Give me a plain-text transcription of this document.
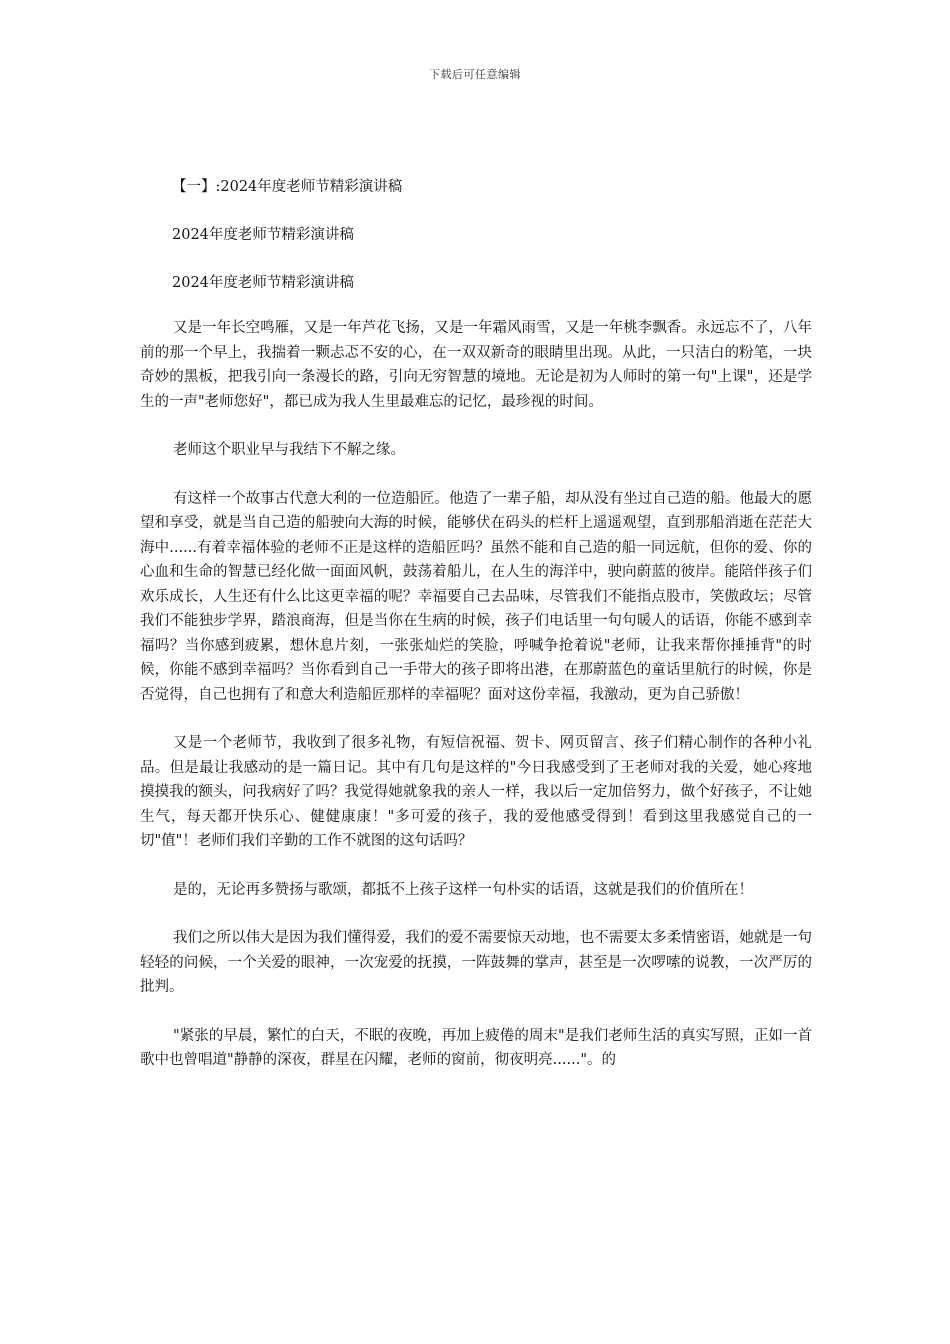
下载后可任意编辑
【一】:2024年度老师节精彩演讲稿
2024年度老师节精彩演讲稿
2024年度老师节精彩演讲稿

又是一年长空鸣雁，又是一年芦花飞扬，又是一年霜风雨雪，又是一年桃李飘香。永远忘不了，八年前的那一个早上，我揣着一颗忐忑不安的心，在一双双新奇的眼睛里出现。从此，一只洁白的粉笔，一块奇妙的黑板，把我引向一条漫长的路，引向无穷智慧的境地。无论是初为人师时的第一句"上课"，还是学生的一声"老师您好"，都已成为我人生里最难忘的记忆，最珍视的时间。

老师这个职业早与我结下不解之缘。

有这样一个故事古代意大利的一位造船匠。他造了一辈子船，却从没有坐过自己造的船。他最大的愿望和享受，就是当自己造的船驶向大海的时候，能够伏在码头的栏杆上遥遥观望，直到那船消逝在茫茫大海中......有着幸福体验的老师不正是这样的造船匠吗？虽然不能和自己造的船一同远航，但你的爱、你的心血和生命的智慧已经化做一面面风帆，鼓荡着船儿，在人生的海洋中，驶向蔚蓝的彼岸。能陪伴孩子们欢乐成长，人生还有什么比这更幸福的呢？幸福要自己去品味，尽管我们不能指点股市，笑傲政坛；尽管我们不能独步学界，踏浪商海，但是当你在生病的时候，孩子们电话里一句句暖人的话语，你能不感到幸福吗？当你感到疲累，想休息片刻，一张张灿烂的笑脸，呼喊争抢着说"老师，让我来帮你捶捶背"的时候，你能不感到幸福吗？当你看到自己一手带大的孩子即将出港，在那蔚蓝色的童话里航行的时候，你是否觉得，自己也拥有了和意大利造船匠那样的幸福呢？面对这份幸福，我激动，更为自己骄傲！

又是一个老师节，我收到了很多礼物，有短信祝福、贺卡、网页留言、孩子们精心制作的各种小礼品。但是最让我感动的是一篇日记。其中有几句是这样的"今日我感受到了王老师对我的关爱，她心疼地摸摸我的额头，问我病好了吗？我觉得她就象我的亲人一样，我以后一定加倍努力，做个好孩子，不让她生气，每天都开快乐心、健健康康！"多可爱的孩子，我的爱他感受得到！看到这里我感觉自己的一切"值"！老师们我们辛勤的工作不就图的这句话吗？

是的，无论再多赞扬与歌颂，都抵不上孩子这样一句朴实的话语，这就是我们的价值所在！

我们之所以伟大是因为我们懂得爱，我们的爱不需要惊天动地，也不需要太多柔情密语，她就是一句轻轻的问候，一个关爱的眼神，一次宠爱的抚摸，一阵鼓舞的掌声，甚至是一次啰嗦的说教，一次严厉的批判。

"紧张的早晨，繁忙的白天，不眠的夜晚，再加上疲倦的周末"是我们老师生活的真实写照，正如一首歌中也曾唱道"静静的深夜，群星在闪耀，老师的窗前，彻夜明亮......"。的
